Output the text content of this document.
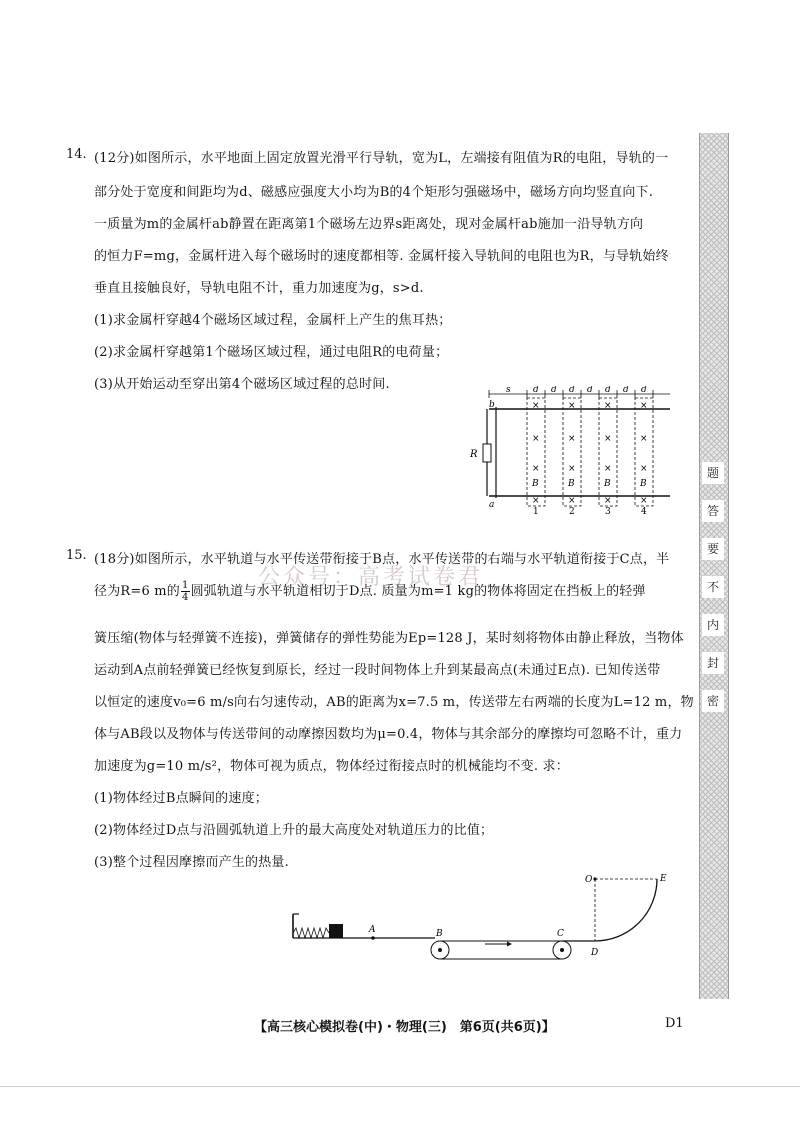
14. (12分)如图所示，水平地面上固定放置光滑平行导轨，宽为L，左端接有阻值为R的电阻，导轨的一
部分处于宽度和间距均为d、磁感应强度大小均为B的4个矩形匀强磁场中，磁场方向均竖直向下.
一质量为m的金属杆ab静置在距离第1个磁场左边界s距离处，现对金属杆ab施加一沿导轨方向
的恒力F=mg，金属杆进入每个磁场时的速度都相等. 金属杆接入导轨间的电阻也为R，与导轨始终
垂直且接触良好，导轨电阻不计，重力加速度为g，s>d.
(1)求金属杆穿越4个磁场区域过程，金属杆上产生的焦耳热；
(2)求金属杆穿越第1个磁场区域过程，通过电阻R的电荷量；
(3)从开始运动至穿出第4个磁场区域过程的总时间.	s d d d d d d d
R
b
a
×
×
×
B
×
×
×
×
B
×
×
×
×
B
×
×
×
×
B
×
1	2	3	4
公众号：高考试卷君
15. (18分)如图所示，水平轨道与水平传送带衔接于B点，水平传送带的右端与水平轨道衔接于C点，半
径为R=6 m的 $\frac{1}{4}$ 圆弧轨道与水平轨道相切于D点. 质量为m=1 kg的物体将固定在挡板上的轻弹
簧压缩(物体与轻弹簧不连接)，弹簧储存的弹性势能为Ep=128 J，某时刻将物体由静止释放，当物体
运动到A点前轻弹簧已经恢复到原长，经过一段时间物体上升到某最高点(未通过E点). 已知传送带
以恒定的速度v₀=6 m/s向右匀速传动，AB的距离为x=7.5 m，传送带左右两端的长度为L=12 m，物
体与AB段以及物体与传送带间的动摩擦因数均为μ=0.4，物体与其余部分的摩擦均可忽略不计，重力
加速度为g=10 m/s²，物体可视为质点，物体经过衔接点时的机械能均不变. 求：
(1)物体经过B点瞬间的速度；
(2)物体经过D点与沿圆弧轨道上升的最大高度处对轨道压力的比值；
(3)整个过程因摩擦而产生的热量.
A	B	C
D
O	E
密
封
内
不
要
答
题
【高三核心模拟卷(中)・物理(三)　第6页(共6页)】	D1
